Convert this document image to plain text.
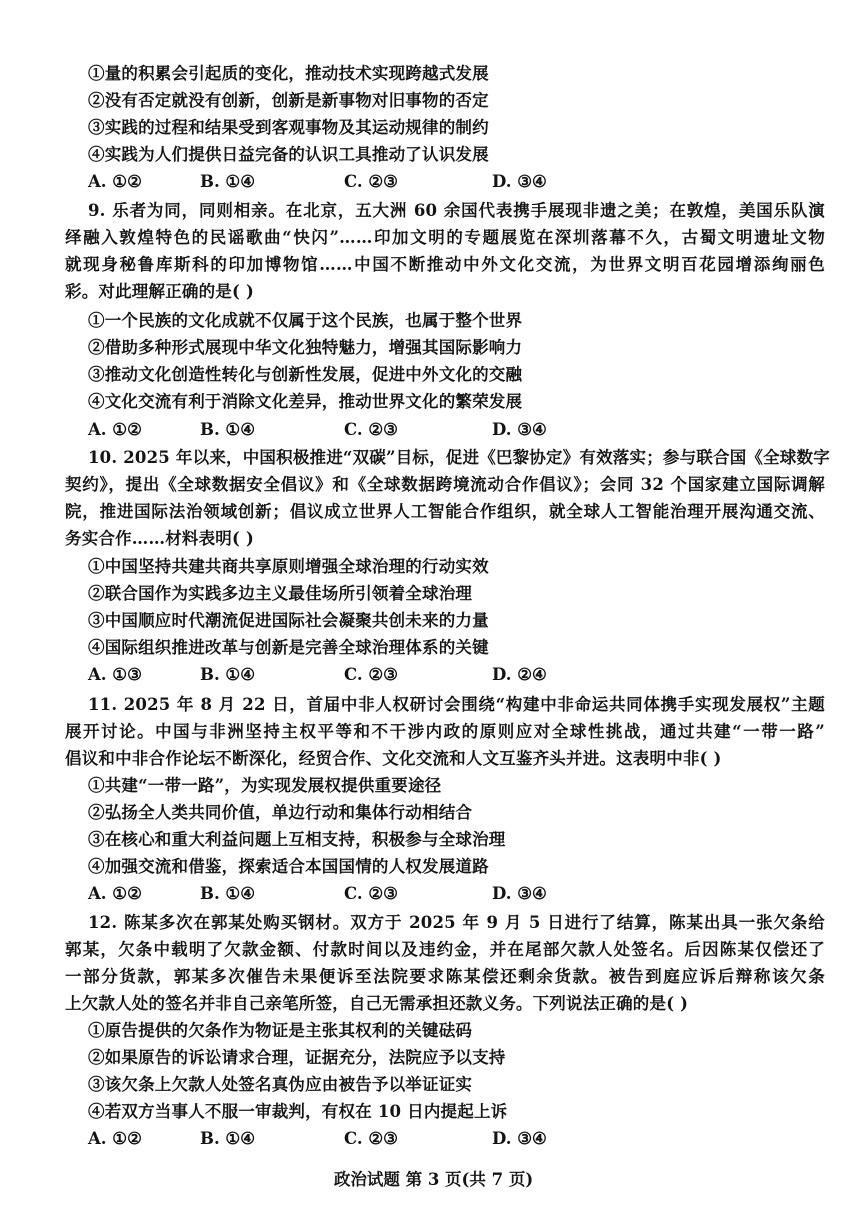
①量的积累会引起质的变化，推动技术实现跨越式发展
②没有否定就没有创新，创新是新事物对旧事物的否定
③实践的过程和结果受到客观事物及其运动规律的制约
④实践为人们提供日益完备的认识工具推动了认识发展
A. ①②	B. ①④	C. ②③	D. ③④
9. 乐者为同，同则相亲。在北京，五大洲 60 余国代表携手展现非遗之美；在敦煌，美国乐队演
绎融入敦煌特色的民谣歌曲“快闪”……印加文明的专题展览在深圳落幕不久，古蜀文明遗址文物
就现身秘鲁库斯科的印加博物馆……中国不断推动中外文化交流，为世界文明百花园增添绚丽色
彩。对此理解正确的是( )
①一个民族的文化成就不仅属于这个民族，也属于整个世界
②借助多种形式展现中华文化独特魅力，增强其国际影响力
③推动文化创造性转化与创新性发展，促进中外文化的交融
④文化交流有利于消除文化差异，推动世界文化的繁荣发展
A. ①②	B. ①④	C. ②③	D. ③④
10. 2025 年以来，中国积极推进“双碳”目标，促进《巴黎协定》有效落实；参与联合国《全球数字
契约》，提出《全球数据安全倡议》和《全球数据跨境流动合作倡议》；会同 32 个国家建立国际调解
院，推进国际法治领域创新；倡议成立世界人工智能合作组织，就全球人工智能治理开展沟通交流、
务实合作……材料表明( )
①中国坚持共建共商共享原则增强全球治理的行动实效
②联合国作为实践多边主义最佳场所引领着全球治理
③中国顺应时代潮流促进国际社会凝聚共创未来的力量
④国际组织推进改革与创新是完善全球治理体系的关键
A. ①③	B. ①④	C. ②③	D. ②④
11. 2025 年 8 月 22 日，首届中非人权研讨会围绕“构建中非命运共同体携手实现发展权”主题
展开讨论。中国与非洲坚持主权平等和不干涉内政的原则应对全球性挑战，通过共建“一带一路”
倡议和中非合作论坛不断深化，经贸合作、文化交流和人文互鉴齐头并进。这表明中非( )
①共建“一带一路”，为实现发展权提供重要途径
②弘扬全人类共同价值，单边行动和集体行动相结合
③在核心和重大利益问题上互相支持，积极参与全球治理
④加强交流和借鉴，探索适合本国国情的人权发展道路
A. ①②	B. ①④	C. ②③	D. ③④
12. 陈某多次在郭某处购买钢材。双方于 2025 年 9 月 5 日进行了结算，陈某出具一张欠条给
郭某，欠条中载明了欠款金额、付款时间以及违约金，并在尾部欠款人处签名。后因陈某仅偿还了
一部分货款，郭某多次催告未果便诉至法院要求陈某偿还剩余货款。被告到庭应诉后辩称该欠条
上欠款人处的签名并非自己亲笔所签，自己无需承担还款义务。下列说法正确的是( )
①原告提供的欠条作为物证是主张其权利的关键砝码
②如果原告的诉讼请求合理，证据充分，法院应予以支持
③该欠条上欠款人处签名真伪应由被告予以举证证实
④若双方当事人不服一审裁判，有权在 10 日内提起上诉
A. ①②	B. ①④	C. ②③	D. ③④
政治试题 第 3 页(共 7 页)
